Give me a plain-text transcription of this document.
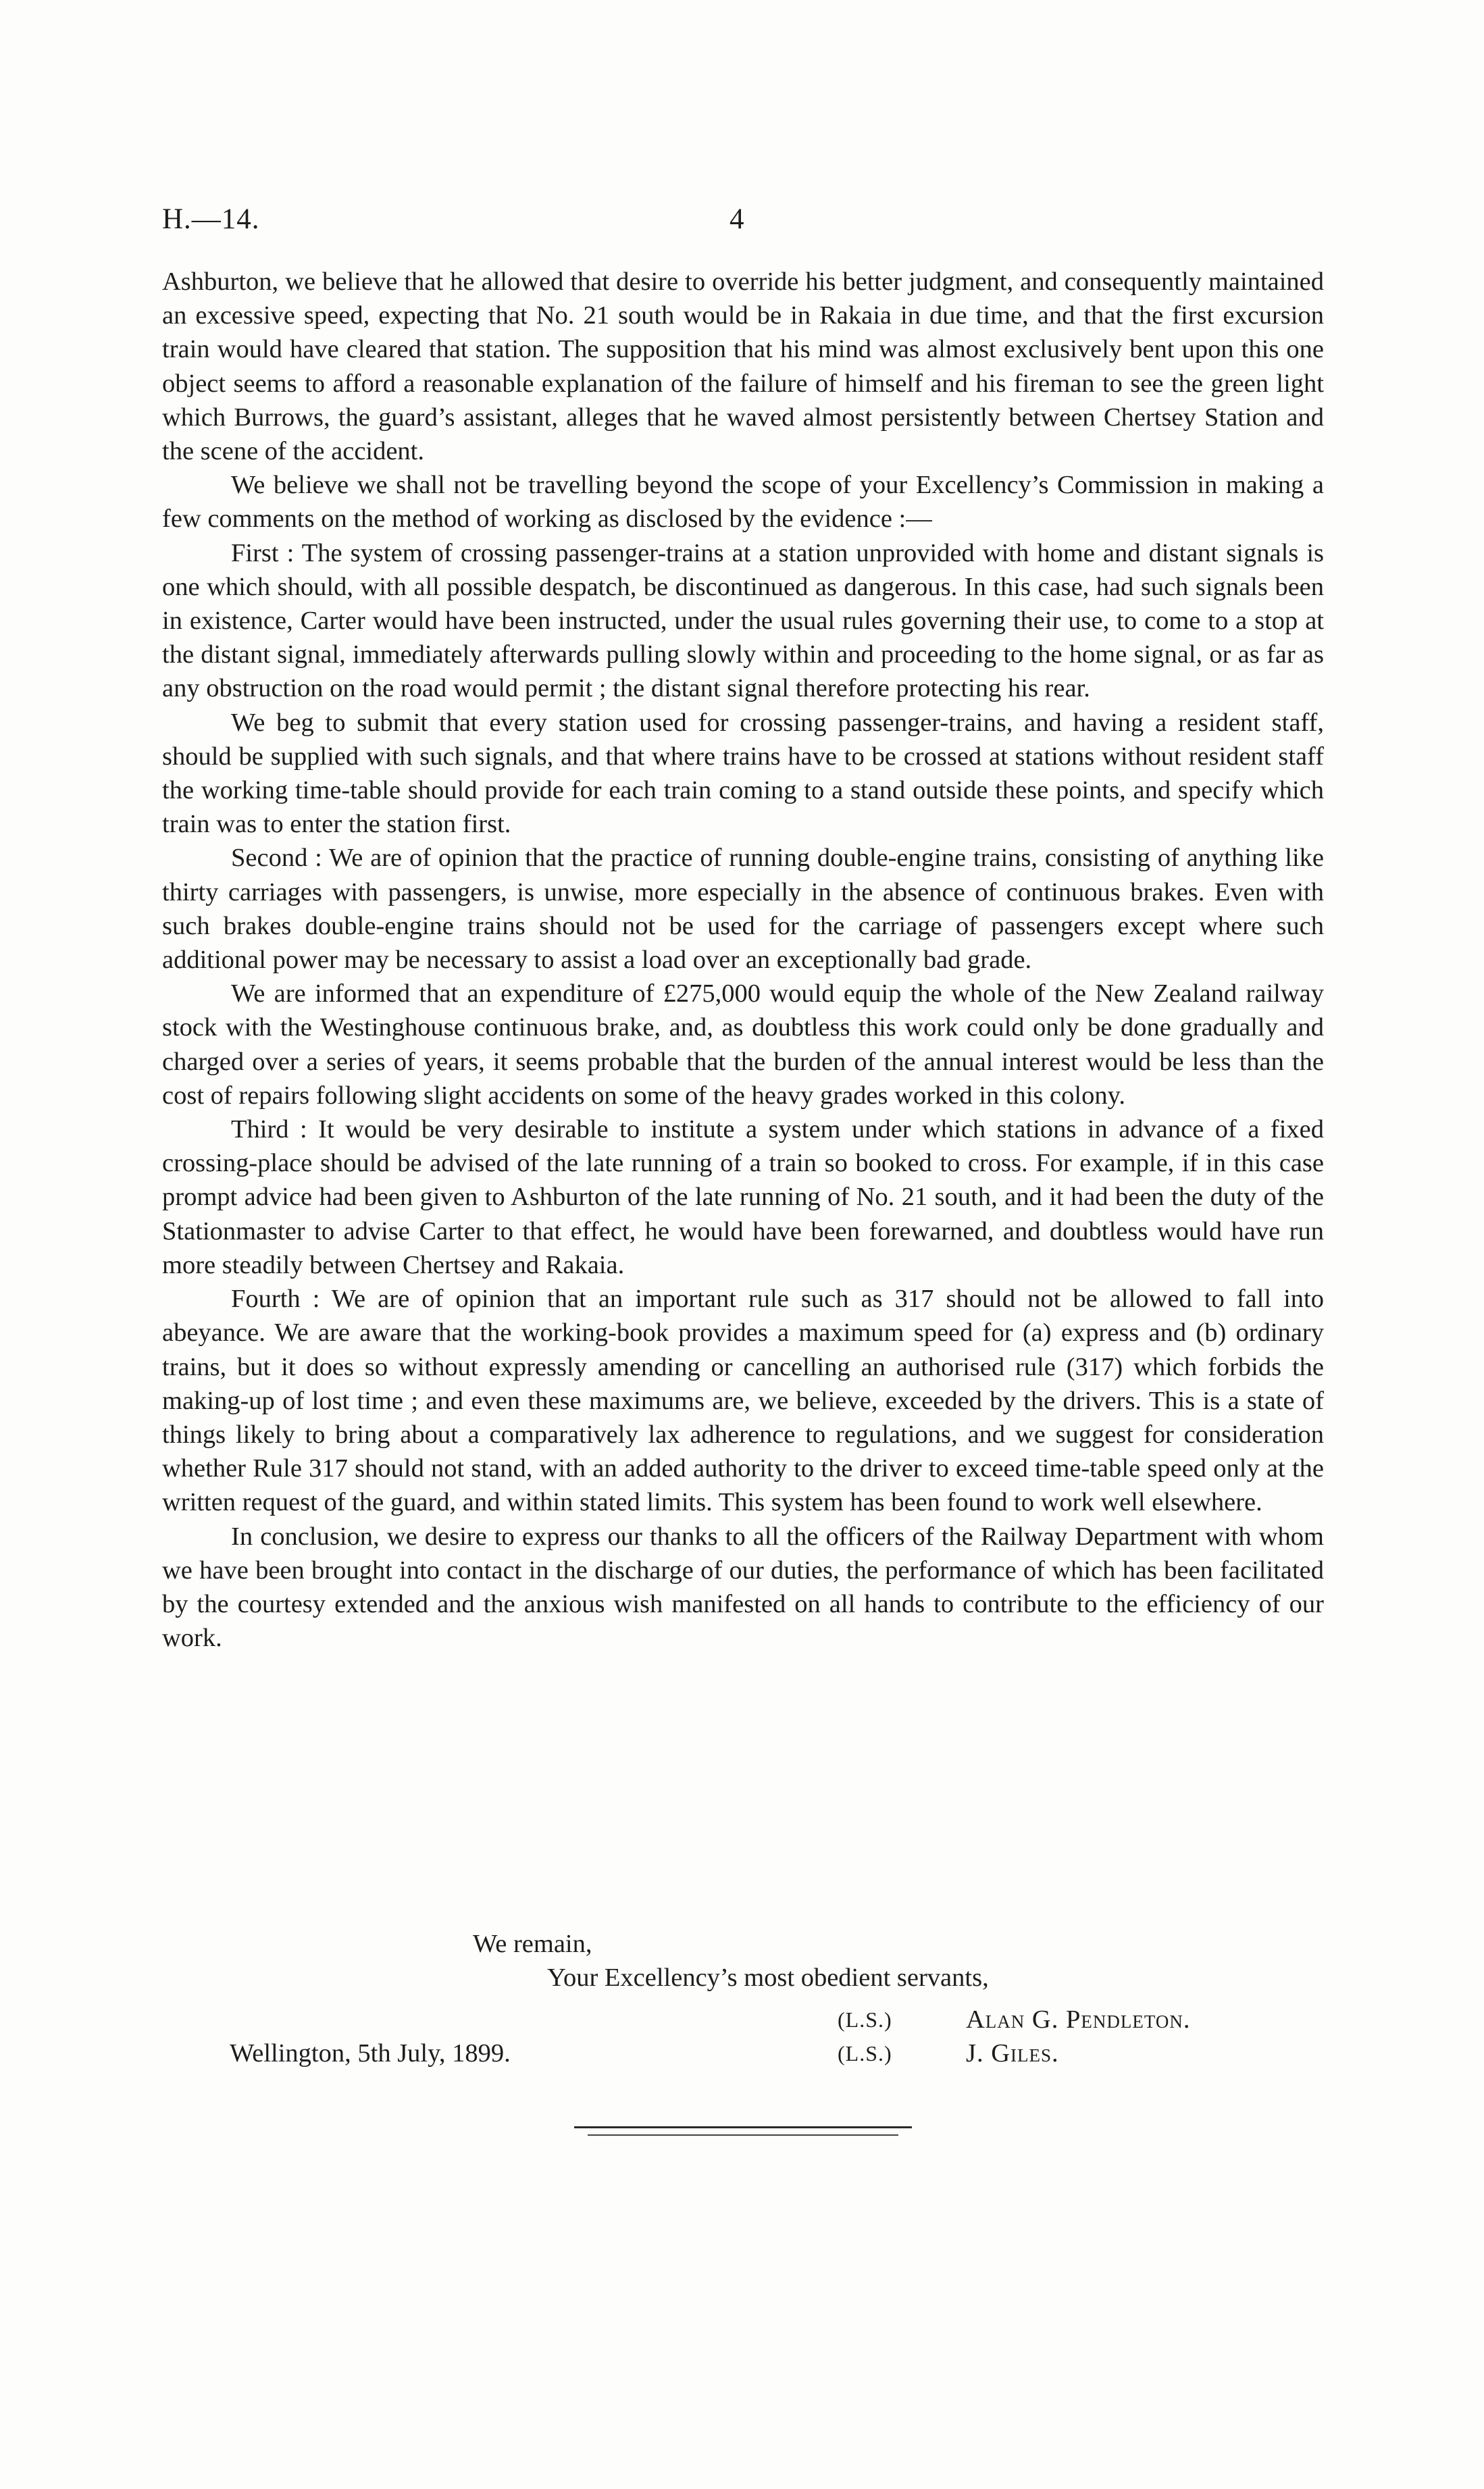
H.—14.	4

Ashburton, we believe that he allowed that desire to override his better judgment, and consequently maintained an excessive speed, expecting that No. 21 south would be in Rakaia in due time, and that the first excursion train would have cleared that station. The supposition that his mind was almost exclusively bent upon this one object seems to afford a reasonable explanation of the failure of himself and his fireman to see the green light which Burrows, the guard’s assistant, alleges that he waved almost persistently between Chertsey Station and the scene of the accident.

We believe we shall not be travelling beyond the scope of your Excellency’s Commission in making a few comments on the method of working as disclosed by the evidence :—

First : The system of crossing passenger-trains at a station unprovided with home and distant signals is one which should, with all possible despatch, be discontinued as dangerous. In this case, had such signals been in existence, Carter would have been instructed, under the usual rules governing their use, to come to a stop at the distant signal, immediately afterwards pulling slowly within and proceeding to the home signal, or as far as any obstruction on the road would permit ; the distant signal therefore protecting his rear.

We beg to submit that every station used for crossing passenger-trains, and having a resident staff, should be supplied with such signals, and that where trains have to be crossed at stations without resident staff the working time-table should provide for each train coming to a stand outside these points, and specify which train was to enter the station first.

Second : We are of opinion that the practice of running double-engine trains, consisting of anything like thirty carriages with passengers, is unwise, more especially in the absence of continuous brakes. Even with such brakes double-engine trains should not be used for the carriage of passengers except where such additional power may be necessary to assist a load over an exceptionally bad grade.

We are informed that an expenditure of £275,000 would equip the whole of the New Zealand railway stock with the Westinghouse continuous brake, and, as doubtless this work could only be done gradually and charged over a series of years, it seems probable that the burden of the annual interest would be less than the cost of repairs following slight accidents on some of the heavy grades worked in this colony.

Third : It would be very desirable to institute a system under which stations in advance of a fixed crossing-place should be advised of the late running of a train so booked to cross. For example, if in this case prompt advice had been given to Ashburton of the late running of No. 21 south, and it had been the duty of the Stationmaster to advise Carter to that effect, he would have been forewarned, and doubtless would have run more steadily between Chertsey and Rakaia.

Fourth : We are of opinion that an important rule such as 317 should not be allowed to fall into abeyance. We are aware that the working-book provides a maximum speed for (a) express and (b) ordinary trains, but it does so without expressly amending or cancelling an authorised rule (317) which forbids the making-up of lost time ; and even these maximums are, we believe, exceeded by the drivers. This is a state of things likely to bring about a comparatively lax adherence to regulations, and we suggest for consideration whether Rule 317 should not stand, with an added authority to the driver to exceed time-table speed only at the written request of the guard, and within stated limits. This system has been found to work well elsewhere.

In conclusion, we desire to express our thanks to all the officers of the Railway Department with whom we have been brought into contact in the discharge of our duties, the performance of which has been facilitated by the courtesy extended and the anxious wish manifested on all hands to contribute to the efficiency of our work.

We remain,
Your Excellency’s most obedient servants,
(L.S.)	Alan G. Pendleton.
Wellington, 5th July, 1899.	(L.S.)	J. Giles.
